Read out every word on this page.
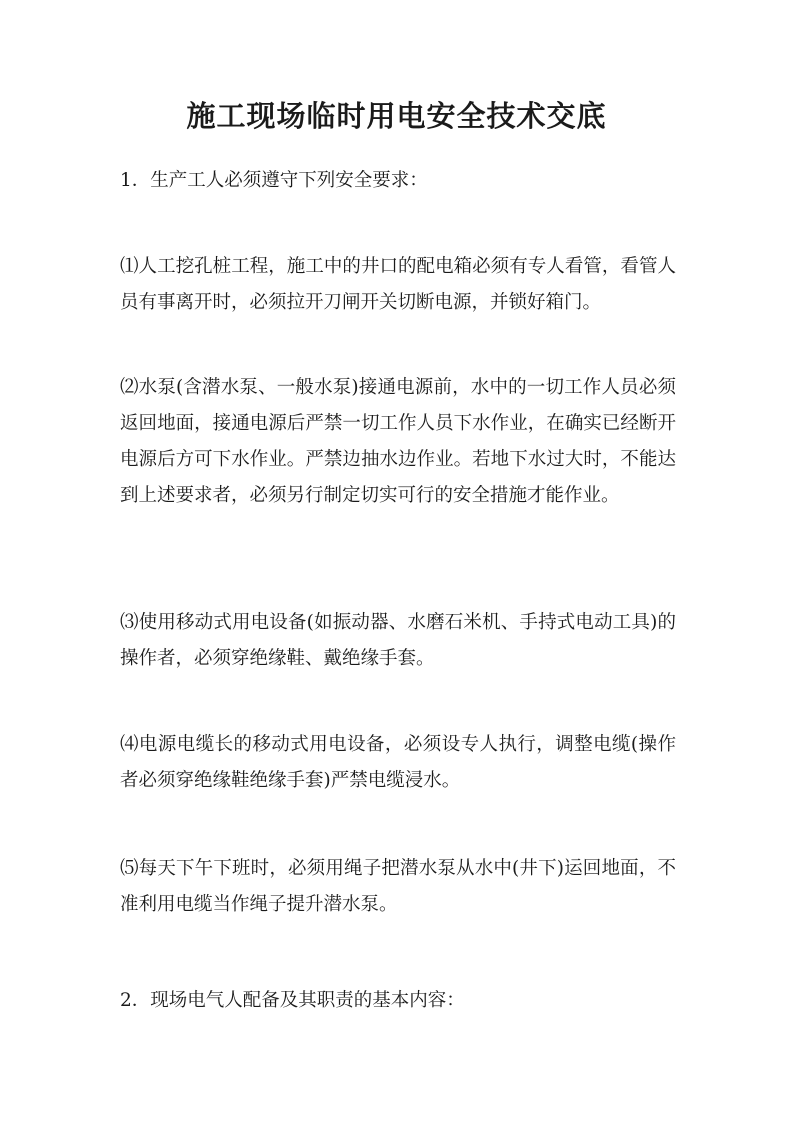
施工现场临时用电安全技术交底
1．生产工人必须遵守下列安全要求：
⑴人工挖孔桩工程，施工中的井口的配电箱必须有专人看管，看管人员有事离开时，必须拉开刀闸开关切断电源，并锁好箱门。
⑵水泵(含潜水泵、一般水泵)接通电源前，水中的一切工作人员必须返回地面，接通电源后严禁一切工作人员下水作业，在确实已经断开电源后方可下水作业。严禁边抽水边作业。若地下水过大时，不能达到上述要求者，必须另行制定切实可行的安全措施才能作业。
⑶使用移动式用电设备(如振动器、水磨石米机、手持式电动工具)的操作者，必须穿绝缘鞋、戴绝缘手套。
⑷电源电缆长的移动式用电设备，必须设专人执行，调整电缆(操作者必须穿绝缘鞋绝缘手套)严禁电缆浸水。
⑸每天下午下班时，必须用绳子把潜水泵从水中(井下)运回地面，不准利用电缆当作绳子提升潜水泵。
2．现场电气人配备及其职责的基本内容：
